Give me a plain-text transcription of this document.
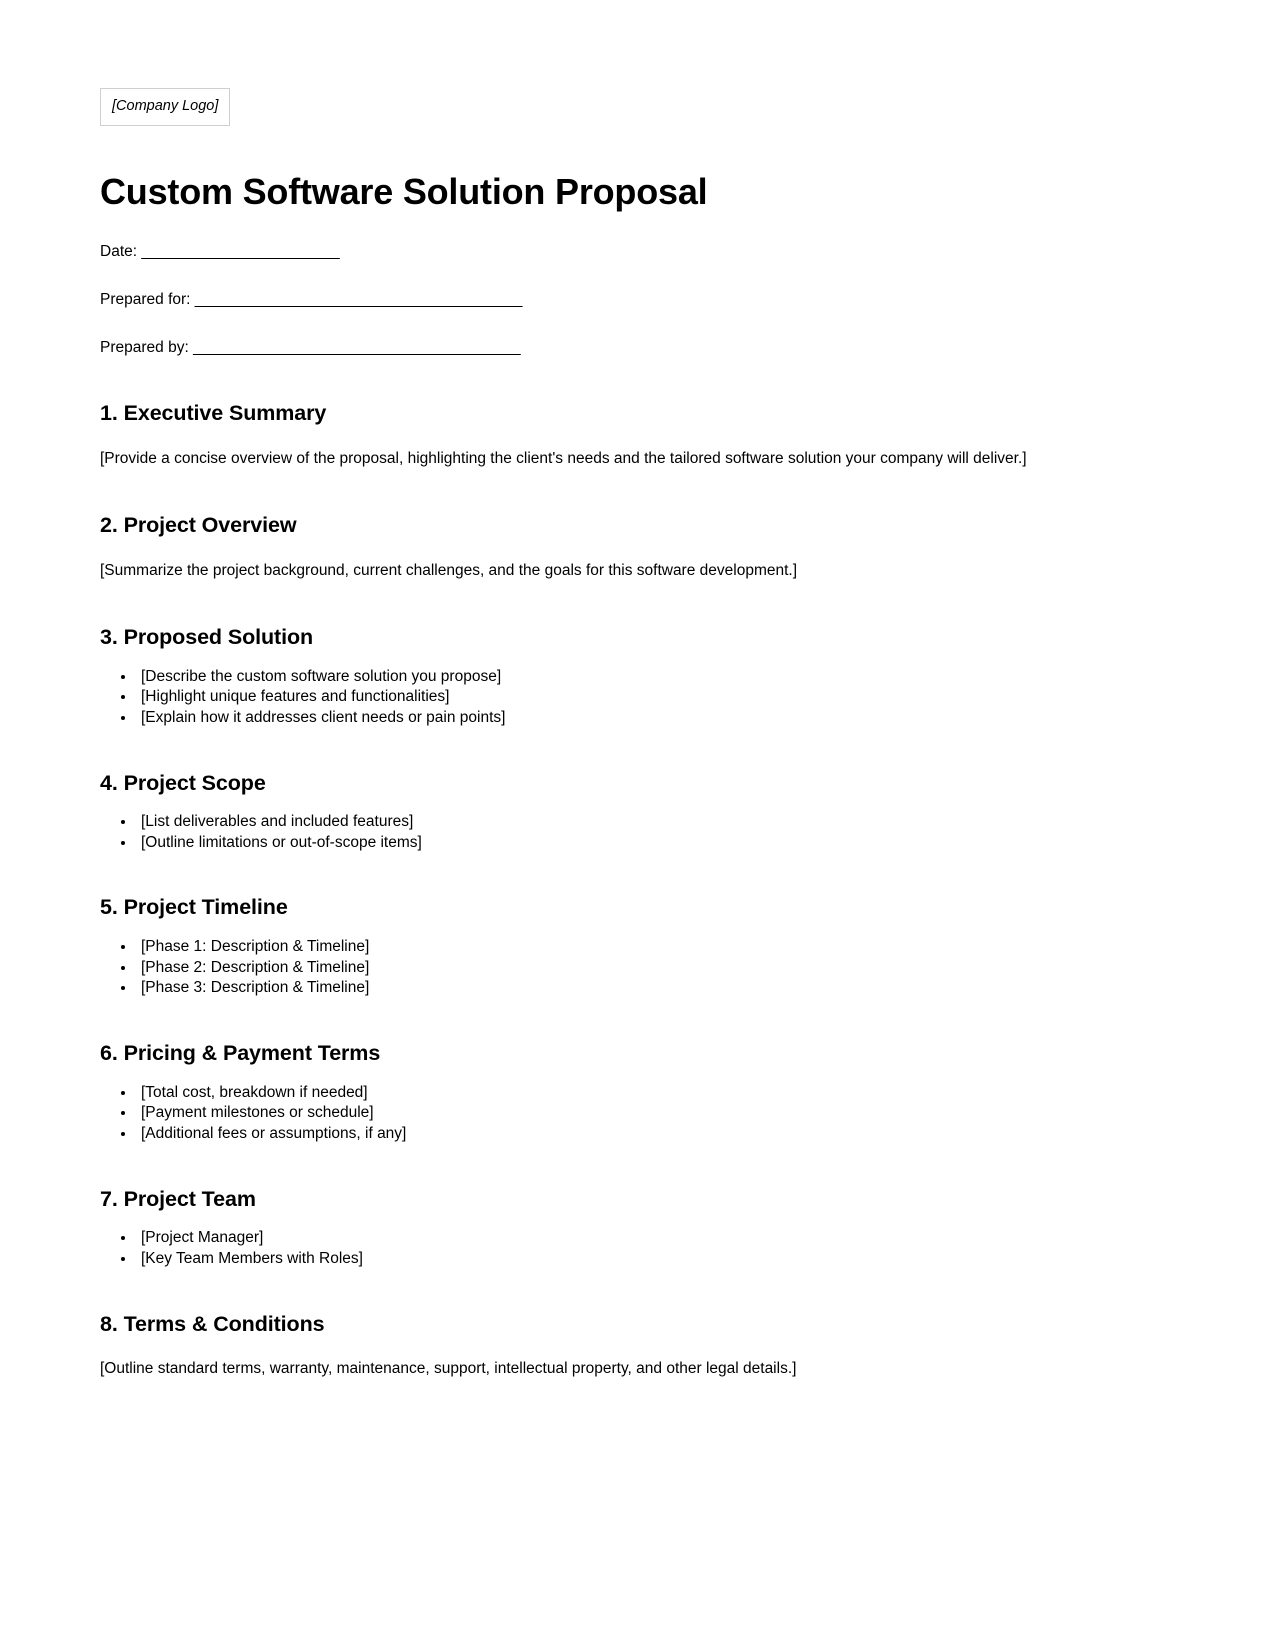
[Company Logo]
Custom Software Solution Proposal
Date: _______________________
Prepared for: ______________________________________
Prepared by: ______________________________________
1. Executive Summary

[Provide a concise overview of the proposal, highlighting the client's needs and the tailored software solution your company will deliver.]

2. Project Overview

[Summarize the project background, current challenges, and the goals for this software development.]

3. Proposed Solution
• [Describe the custom software solution you propose]
• [Highlight unique features and functionalities]
• [Explain how it addresses client needs or pain points]
4. Project Scope
• [List deliverables and included features]
• [Outline limitations or out-of-scope items]
5. Project Timeline
• [Phase 1: Description & Timeline]
• [Phase 2: Description & Timeline]
• [Phase 3: Description & Timeline]
6. Pricing & Payment Terms
• [Total cost, breakdown if needed]
• [Payment milestones or schedule]
• [Additional fees or assumptions, if any]
7. Project Team
• [Project Manager]
• [Key Team Members with Roles]
8. Terms & Conditions

[Outline standard terms, warranty, maintenance, support, intellectual property, and other legal details.]
